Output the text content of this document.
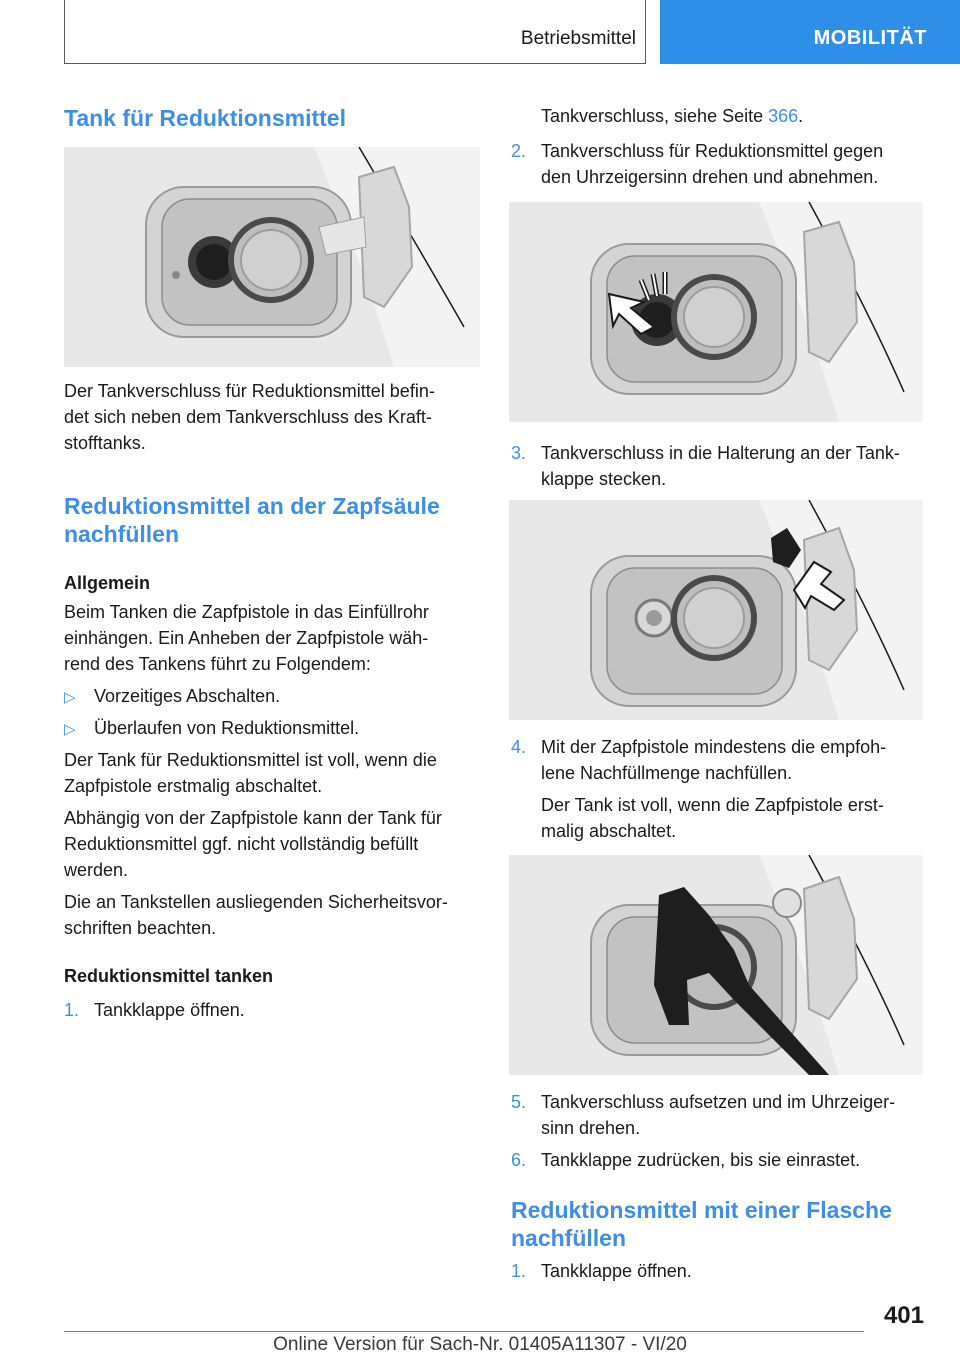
Betriebsmittel	MOBILITÄT
Tank für Reduktionsmittel

Der Tankverschluss für Reduktionsmittel befin-

det sich neben dem Tankverschluss des Kraft-

stofftanks.

Reduktionsmittel an der Zapfsäule
nachfüllen
Allgemein

Beim Tanken die Zapfpistole in das Einfüllrohr

einhängen. Ein Anheben der Zapfpistole wäh-

rend des Tankens führt zu Folgendem:

▷ Vorzeitiges Abschalten.

▷ Überlaufen von Reduktionsmittel.

Der Tank für Reduktionsmittel ist voll, wenn die

Zapfpistole erstmalig abschaltet.

Abhängig von der Zapfpistole kann der Tank für

Reduktionsmittel ggf. nicht vollständig befüllt

werden.

Die an Tankstellen ausliegenden Sicherheitsvor-

schriften beachten.

Reduktionsmittel tanken
1. Tankklappe öffnen.

Tankverschluss, siehe Seite 366.

2. Tankverschluss für Reduktionsmittel gegen

den Uhrzeigersinn drehen und abnehmen.

3. Tankverschluss in die Halterung an der Tank-

klappe stecken.

4. Mit der Zapfpistole mindestens die empfoh-

lene Nachfüllmenge nachfüllen.

Der Tank ist voll, wenn die Zapfpistole erst-

malig abschaltet.

5. Tankverschluss aufsetzen und im Uhrzeiger-

sinn drehen.

6. Tankklappe zudrücken, bis sie einrastet.

Reduktionsmittel mit einer Flasche
nachfüllen
1. Tankklappe öffnen.

401
Online Version für Sach-Nr. 01405A11307 - VI/20
